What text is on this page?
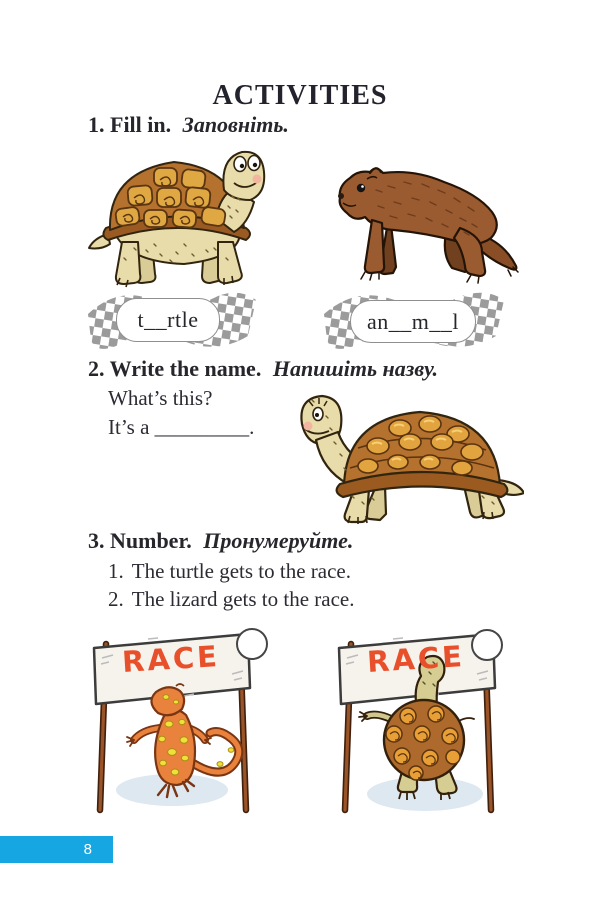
ACTIVITIES
1. Fill in. Заповніть.
t__rtle	an__m__l
2. Write the name. Напишіть назву.
What’s this?
It’s a _________.
3. Number. Пронумеруйте.
1. The turtle gets to the race.
2. The lizard gets to the race.
RACE	RACE
8
